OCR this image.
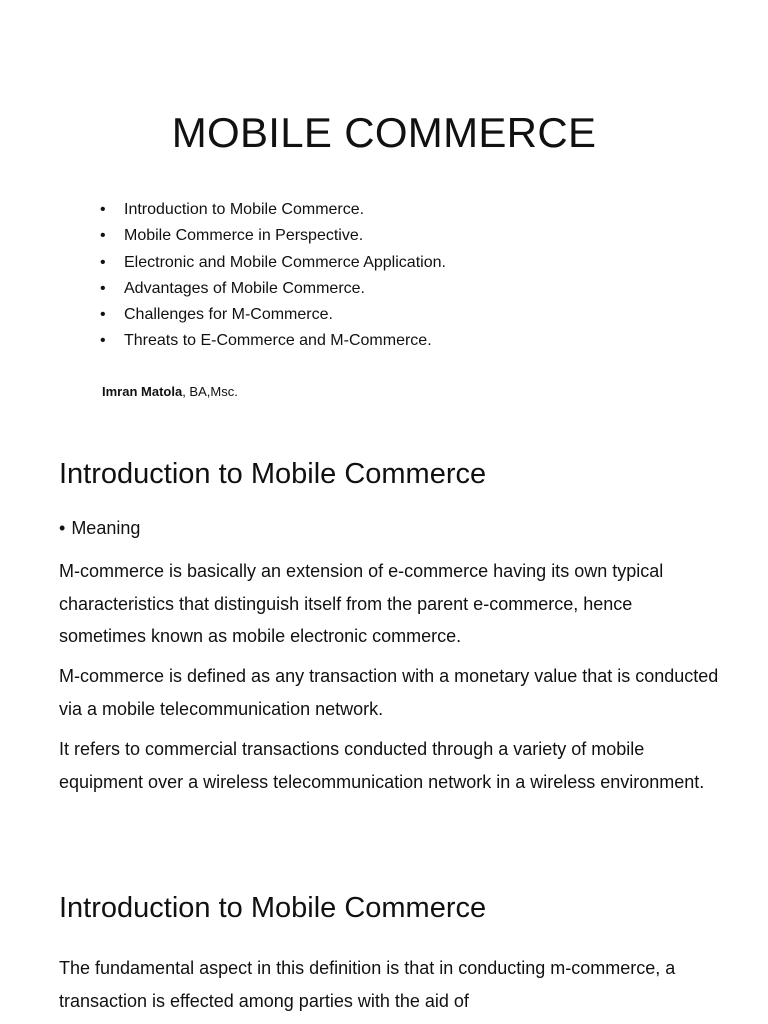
MOBILE COMMERCE
• Introduction to Mobile Commerce.
• Mobile Commerce in Perspective.
• Electronic and Mobile Commerce Application.
• Advantages of Mobile Commerce.
• Challenges for M-Commerce.
• Threats to E-Commerce and M-Commerce.

Imran Matola, BA,Msc.

Introduction to Mobile Commerce

• Meaning

M-commerce is basically an extension of e-commerce having its own typical characteristics that distinguish itself from the parent e-commerce, hence sometimes known as mobile electronic commerce.

M-commerce is defined as any transaction with a monetary value that is conducted via a mobile telecommunication network.

It refers to commercial transactions conducted through a variety of mobile equipment over a wireless telecommunication network in a wireless environment.

Introduction to Mobile Commerce

The fundamental aspect in this definition is that in conducting m-commerce, a transaction is effected among parties with the aid of
